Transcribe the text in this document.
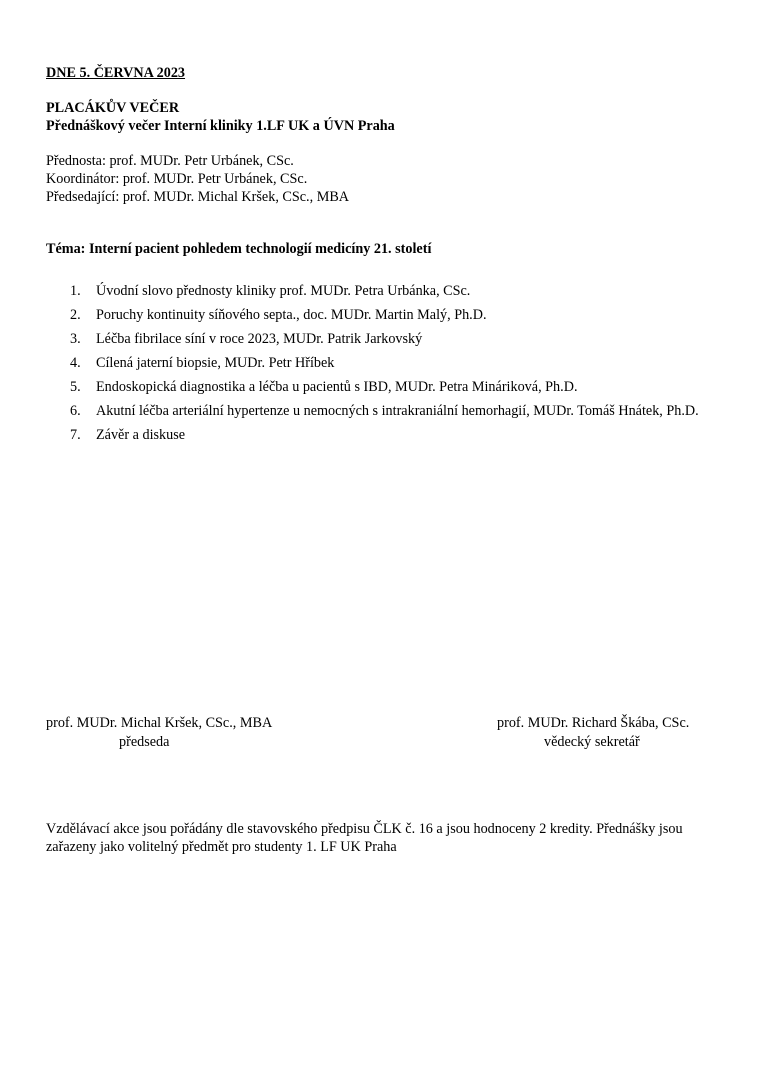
DNE 5. ČERVNA 2023
PLACÁKŮV VEČER
Přednáškový večer Interní kliniky 1.LF UK a ÚVN Praha
Přednosta: prof. MUDr. Petr Urbánek, CSc.
Koordinátor: prof. MUDr. Petr Urbánek, CSc.
Předsedající: prof. MUDr. Michal Kršek, CSc., MBA
Téma: Interní pacient pohledem technologií medicíny 21. století
1. Úvodní slovo přednosty kliniky prof. MUDr. Petra Urbánka, CSc.
2. Poruchy kontinuity síňového septa., doc. MUDr. Martin Malý, Ph.D.
3. Léčba fibrilace síní v roce 2023, MUDr. Patrik Jarkovský
4. Cílená jaterní biopsie, MUDr. Petr Hříbek
5. Endoskopická diagnostika a léčba u pacientů s IBD, MUDr. Petra Mináriková, Ph.D.
6. Akutní léčba arteriální hypertenze u nemocných s intrakraniální hemorhagií, MUDr. Tomáš Hnátek, Ph.D.
7. Závěr a diskuse
prof. MUDr. Michal Kršek, CSc., MBA
předseda
prof. MUDr. Richard Škába, CSc.
vědecký sekretář
Vzdělávací akce jsou pořádány dle stavovského předpisu ČLK č. 16 a jsou hodnoceny 2 kredity. Přednášky jsou zařazeny jako volitelný předmět pro studenty 1. LF UK Praha
